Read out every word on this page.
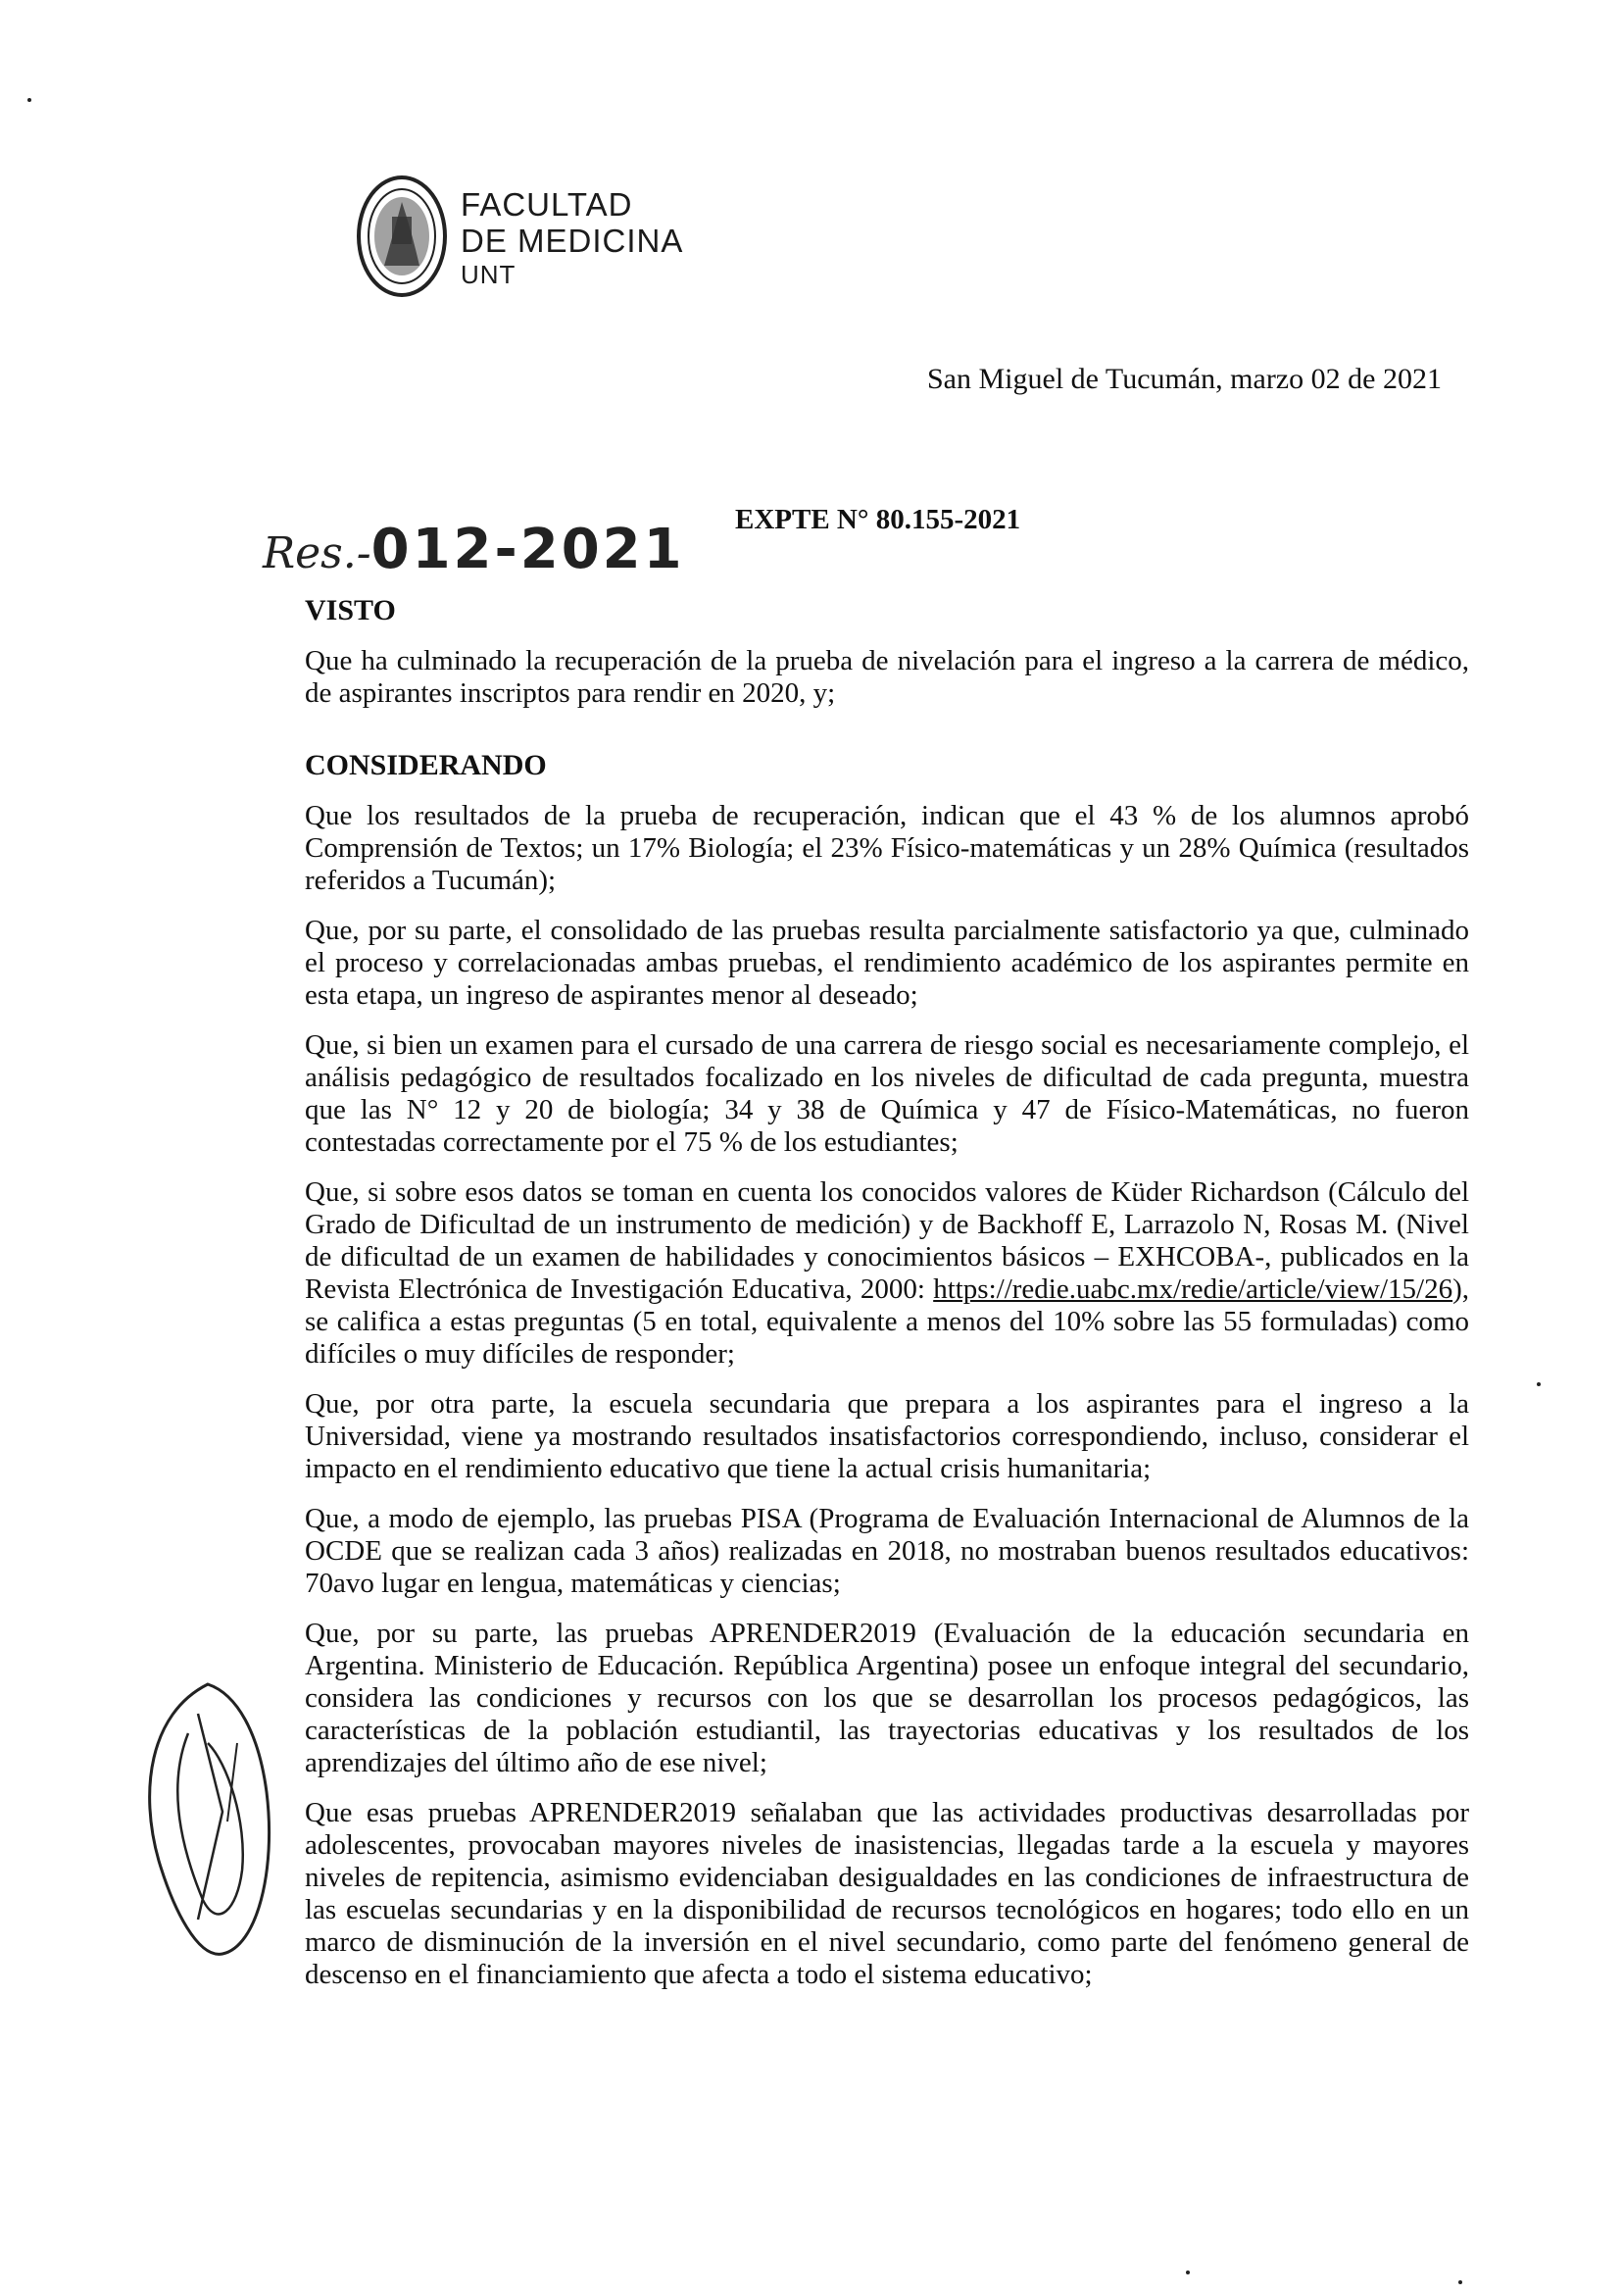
FACULTAD
DE MEDICINA
UNT
San Miguel de Tucumán, marzo 02 de 2021
Res.-012-2021 EXPTE N° 80.155-2021
VISTO

Que ha culminado la recuperación de la prueba de nivelación para el ingreso a la carrera de médico, de aspirantes inscriptos para rendir en 2020, y;

CONSIDERANDO

Que los resultados de la prueba de recuperación, indican que el 43 % de los alumnos aprobó Comprensión de Textos; un 17% Biología; el 23% Físico-matemáticas y un 28% Química (resultados referidos a Tucumán);

Que, por su parte, el consolidado de las pruebas resulta parcialmente satisfactorio ya que, culminado el proceso y correlacionadas ambas pruebas, el rendimiento académico de los aspirantes permite en esta etapa, un ingreso de aspirantes menor al deseado;

Que, si bien un examen para el cursado de una carrera de riesgo social es necesariamente complejo, el análisis pedagógico de resultados focalizado en los niveles de dificultad de cada pregunta, muestra que las N° 12 y 20 de biología; 34 y 38 de Química y 47 de Físico-Matemáticas, no fueron contestadas correctamente por el 75 % de los estudiantes;

Que, si sobre esos datos se toman en cuenta los conocidos valores de Küder Richardson (Cálculo del Grado de Dificultad de un instrumento de medición) y de Backhoff E, Larrazolo N, Rosas M. (Nivel de dificultad de un examen de habilidades y conocimientos básicos – EXHCOBA-, publicados en la Revista Electrónica de Investigación Educativa, 2000: https://redie.uabc.mx/redie/article/view/15/26), se califica a estas preguntas (5 en total, equivalente a menos del 10% sobre las 55 formuladas) como difíciles o muy difíciles de responder;

Que, por otra parte, la escuela secundaria que prepara a los aspirantes para el ingreso a la Universidad, viene ya mostrando resultados insatisfactorios correspondiendo, incluso, considerar el impacto en el rendimiento educativo que tiene la actual crisis humanitaria;

Que, a modo de ejemplo, las pruebas PISA (Programa de Evaluación Internacional de Alumnos de la OCDE que se realizan cada 3 años) realizadas en 2018, no mostraban buenos resultados educativos: 70avo lugar en lengua, matemáticas y ciencias;

Que, por su parte, las pruebas APRENDER2019 (Evaluación de la educación secundaria en Argentina. Ministerio de Educación. República Argentina) posee un enfoque integral del secundario, considera las condiciones y recursos con los que se desarrollan los procesos pedagógicos, las características de la población estudiantil, las trayectorias educativas y los resultados de los aprendizajes del último año de ese nivel;

Que esas pruebas APRENDER2019 señalaban que las actividades productivas desarrolladas por adolescentes, provocaban mayores niveles de inasistencias, llegadas tarde a la escuela y mayores niveles de repitencia, asimismo evidenciaban desigualdades en las condiciones de infraestructura de las escuelas secundarias y en la disponibilidad de recursos tecnológicos en hogares; todo ello en un marco de disminución de la inversión en el nivel secundario, como parte del fenómeno general de descenso en el financiamiento que afecta a todo el sistema educativo;
